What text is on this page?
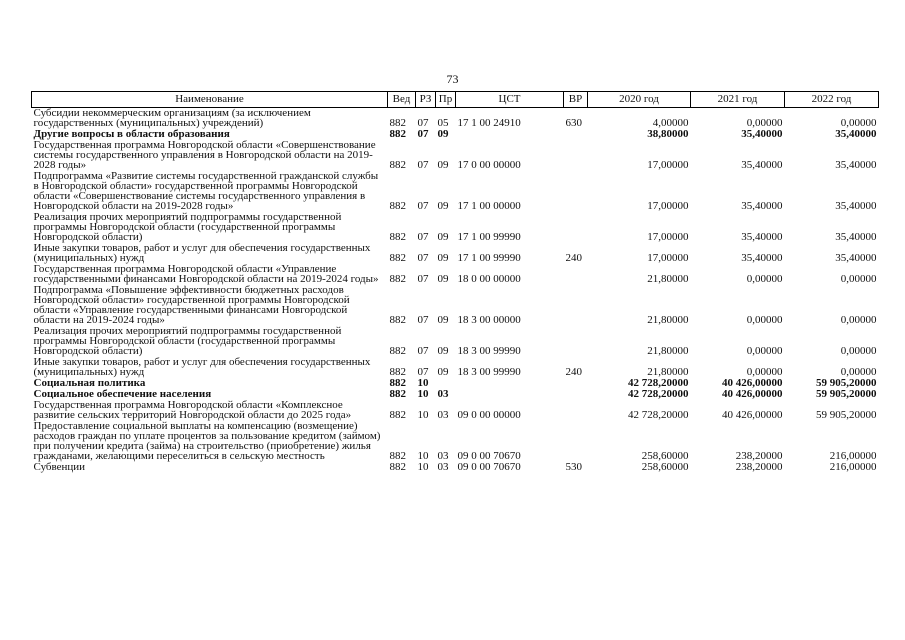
73
Наименование	Вед	РЗ	Пр	ЦСТ	ВР	2020 год	2021 год	2022 год
Субсидии некоммерческим организациям (за исключением государственных (муниципальных) учреждений)	882	07	05	17 1 00 24910	630	4,00000	0,00000	0,00000
Другие вопросы в области образования	882	07	09			38,80000	35,40000	35,40000
Государственная программа Новгородской области «Совершенствование системы государственного управления в Новгородской области на 2019-2028 годы»	882	07	09	17 0 00 00000		17,00000	35,40000	35,40000
Подпрограмма «Развитие системы государственной гражданской службы в Новгородской области» государственной программы Новгородской области «Совершенствование системы государственного управления в Новгородской области на 2019-2028 годы»	882	07	09	17 1 00 00000		17,00000	35,40000	35,40000
Реализация прочих мероприятий подпрограммы государственной программы Новгородской области (государственной программы Новгородской области)	882	07	09	17 1 00 99990		17,00000	35,40000	35,40000
Иные закупки товаров, работ и услуг для обеспечения государственных (муниципальных) нужд	882	07	09	17 1 00 99990	240	17,00000	35,40000	35,40000
Государственная программа Новгородской области «Управление государственными финансами Новгородской области на 2019-2024 годы»	882	07	09	18 0 00 00000		21,80000	0,00000	0,00000
Подпрограмма «Повышение эффективности бюджетных расходов Новгородской области» государственной программы Новгородской области «Управление государственными финансами Новгородской области на 2019-2024 годы»	882	07	09	18 3 00 00000		21,80000	0,00000	0,00000
Реализация прочих мероприятий подпрограммы государственной программы Новгородской области (государственной программы Новгородской области)	882	07	09	18 3 00 99990		21,80000	0,00000	0,00000
Иные закупки товаров, работ и услуг для обеспечения государственных (муниципальных) нужд	882	07	09	18 3 00 99990	240	21,80000	0,00000	0,00000
Социальная политика	882	10				42 728,20000	40 426,00000	59 905,20000
Социальное обеспечение населения	882	10	03			42 728,20000	40 426,00000	59 905,20000
Государственная программа Новгородской области «Комплексное развитие сельских территорий Новгородской области до 2025 года»	882	10	03	09 0 00 00000		42 728,20000	40 426,00000	59 905,20000
Предоставление социальной выплаты на компенсацию (возмещение) расходов граждан по уплате процентов за пользование кредитом (займом) при получении кредита (займа) на строительство (приобретение) жилья гражданами, желающими переселиться в сельскую местность	882	10	03	09 0 00 70670		258,60000	238,20000	216,00000
Субвенции	882	10	03	09 0 00 70670	530	258,60000	238,20000	216,00000
